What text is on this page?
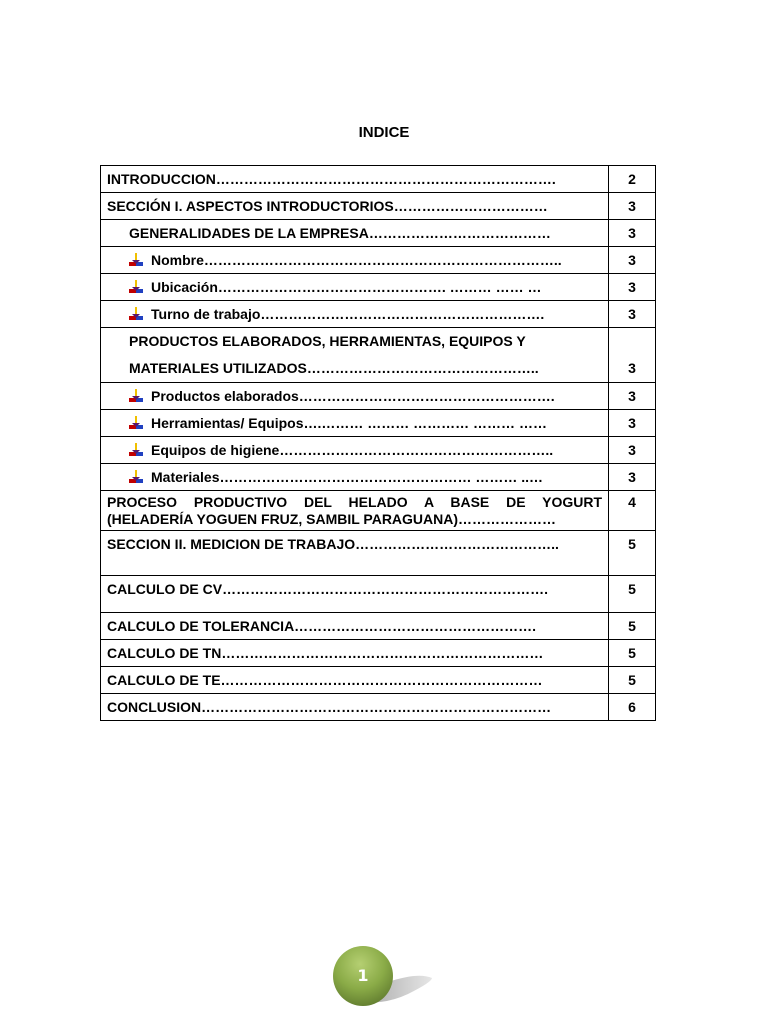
INDICE
INTRODUCCION……………………………………………………………….	2
SECCIÓN I. ASPECTOS INTRODUCTORIOS……………………………	3

GENERALIDADES DE LA EMPRESA…………………………………	3

Nombre…………………………………………………………………..	3

Ubicación…………………………………………. ……… …… …	3

Turno de trabajo…………………………………………………….	3

PRODUCTOS ELABORADOS, HERRAMIENTAS, EQUIPOS Y
MATERIALES UTILIZADOS…………………………………………..	3

Productos elaborados……………………………………………….	3

Herramientas/ Equipos….……… ……… ………… ……… ……	3

Equipos de higiene…………………………………………………..	3

Materiales……………………………………………… ……… ..…	3

PROCESO PRODUCTIVO DEL HELADO A BASE DE YOGURT
(HELADERÍA YOGUEN FRUZ, SAMBIL PARAGUANA)…………………	4
SECCION II. MEDICION DE TRABAJO……………………………………..	5
CALCULO DE CV…………………………………………………………….	5
CALCULO DE TOLERANCIA…………………………………………….	5
CALCULO DE TN……………………………………………………………	5
CALCULO DE TE……………………………………………………………	5
CONCLUSION…………………………………………………………………	6
1
